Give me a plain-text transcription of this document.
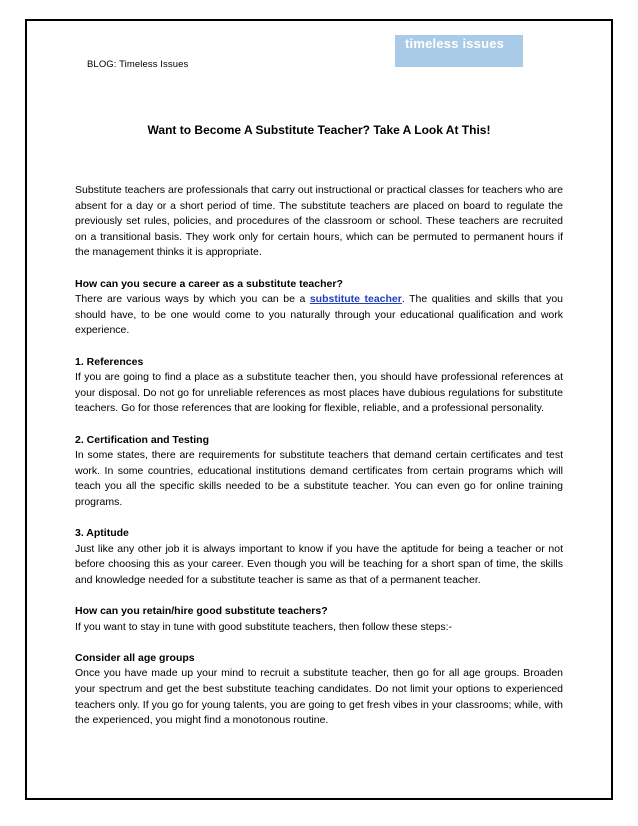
BLOG: Timeless Issues
timeless issues
Want to Become A Substitute Teacher? Take A Look At This!

Substitute teachers are professionals that carry out instructional or practical classes for teachers who are absent for a day or a short period of time. The substitute teachers are placed on board to regulate the previously set rules, policies, and procedures of the classroom or school. These teachers are recruited on a transitional basis. They work only for certain hours, which can be permuted to permanent hours if the management thinks it is appropriate.

How can you secure a career as a substitute teacher?
There are various ways by which you can be a substitute teacher. The qualities and skills that you should have, to be one would come to you naturally through your educational qualification and work experience.

1. References
If you are going to find a place as a substitute teacher then, you should have professional references at your disposal. Do not go for unreliable references as most places have dubious regulations for substitute teachers. Go for those references that are looking for flexible, reliable, and a professional personality.

2. Certification and Testing
In some states, there are requirements for substitute teachers that demand certain certificates and test work. In some countries, educational institutions demand certificates from certain programs which will teach you all the specific skills needed to be a substitute teacher. You can even go for online training programs.

3. Aptitude
Just like any other job it is always important to know if you have the aptitude for being a teacher or not before choosing this as your career. Even though you will be teaching for a short span of time, the skills and knowledge needed for a substitute teacher is same as that of a permanent teacher.

How can you retain/hire good substitute teachers?
If you want to stay in tune with good substitute teachers, then follow these steps:-

Consider all age groups
Once you have made up your mind to recruit a substitute teacher, then go for all age groups. Broaden your spectrum and get the best substitute teaching candidates. Do not limit your options to experienced teachers only. If you go for young talents, you are going to get fresh vibes in your classrooms; while, with the experienced, you might find a monotonous routine.
